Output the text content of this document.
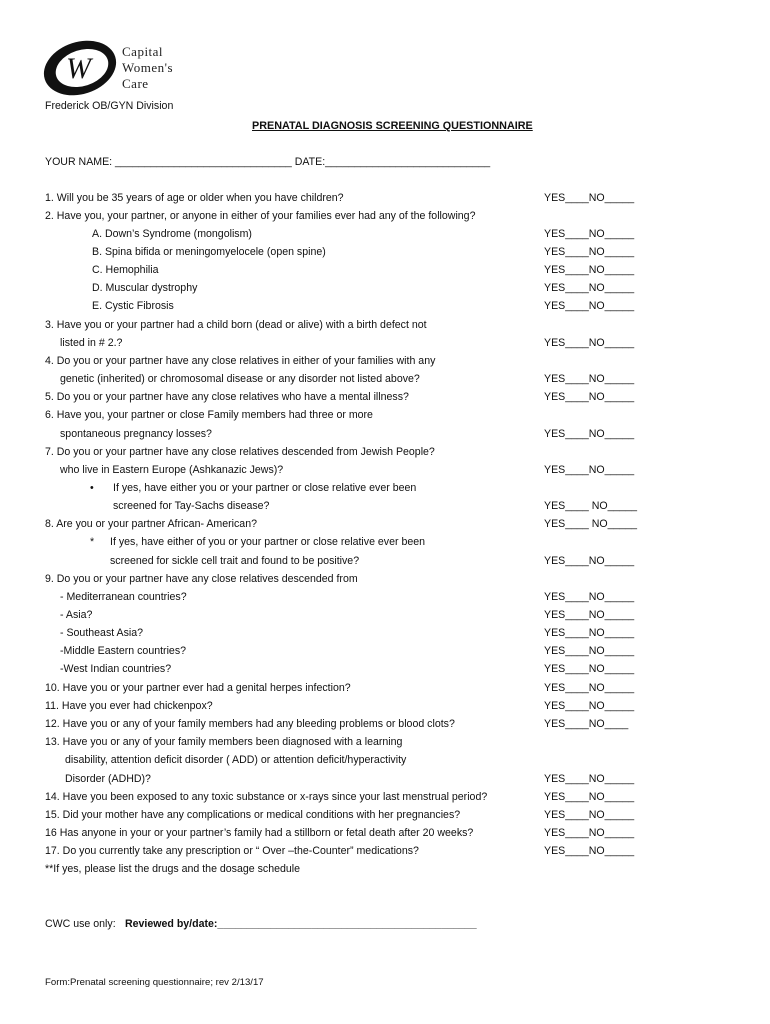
W
Capital
Women's
Care
Frederick OB/GYN Division
PRENATAL DIAGNOSIS SCREENING QUESTIONNAIRE
YOUR NAME: ______________________________ DATE:____________________________
1. Will you be 35 years of age or older when you have children?	YES____NO_____
2. Have you, your partner, or anyone in either of your families ever had any of the following?
A. Down’s Syndrome (mongolism)	YES____NO_____
B. Spina bifida or meningomyelocele (open spine)	YES____NO_____
C. Hemophilia	YES____NO_____
D. Muscular dystrophy	YES____NO_____
E. Cystic Fibrosis	YES____NO_____
3. Have you or your partner had a child born (dead or alive) with a birth defect not
listed in # 2.?	YES____NO_____
4. Do you or your partner have any close relatives in either of your families with any
genetic (inherited) or chromosomal disease or any disorder not listed above?	YES____NO_____
5. Do you or your partner have any close relatives who have a mental illness?	YES____NO_____
6. Have you, your partner or close Family members had three or more
spontaneous pregnancy losses?	YES____NO_____
7. Do you or your partner have any close relatives descended from Jewish People?
who live in Eastern Europe (Ashkanazic Jews)?	YES____NO_____
• If yes, have either you or your partner or close relative ever been
screened for Tay-Sachs disease?	YES____ NO_____
8. Are you or your partner African- American?	YES____ NO_____
* If yes, have either of you or your partner or close relative ever been
screened for sickle cell trait and found to be positive?	YES____NO_____
9. Do you or your partner have any close relatives descended from
- Mediterranean countries?	YES____NO_____
- Asia?	YES____NO_____
- Southeast Asia?	YES____NO_____
-Middle Eastern countries?	YES____NO_____
-West Indian countries?	YES____NO_____
10. Have you or your partner ever had a genital herpes infection?	YES____NO_____
11. Have you ever had chickenpox?	YES____NO_____
12. Have you or any of your family members had any bleeding problems or blood clots?	YES____NO____
13. Have you or any of your family members been diagnosed with a learning
disability, attention deficit disorder ( ADD) or attention deficit/hyperactivity
Disorder (ADHD)?	YES____NO_____
14. Have you been exposed to any toxic substance or x-rays since your last menstrual period?	YES____NO_____
15. Did your mother have any complications or medical conditions with her pregnancies?	YES____NO_____
16 Has anyone in your or your partner’s family had a stillborn or fetal death after 20 weeks?	YES____NO_____
17. Do you currently take any prescription or “ Over –the-Counter” medications?	YES____NO_____
**If yes, please list the drugs and the dosage schedule
CWC use only: Reviewed by/date:____________________________________________
Form:Prenatal screening questionnaire; rev 2/13/17
